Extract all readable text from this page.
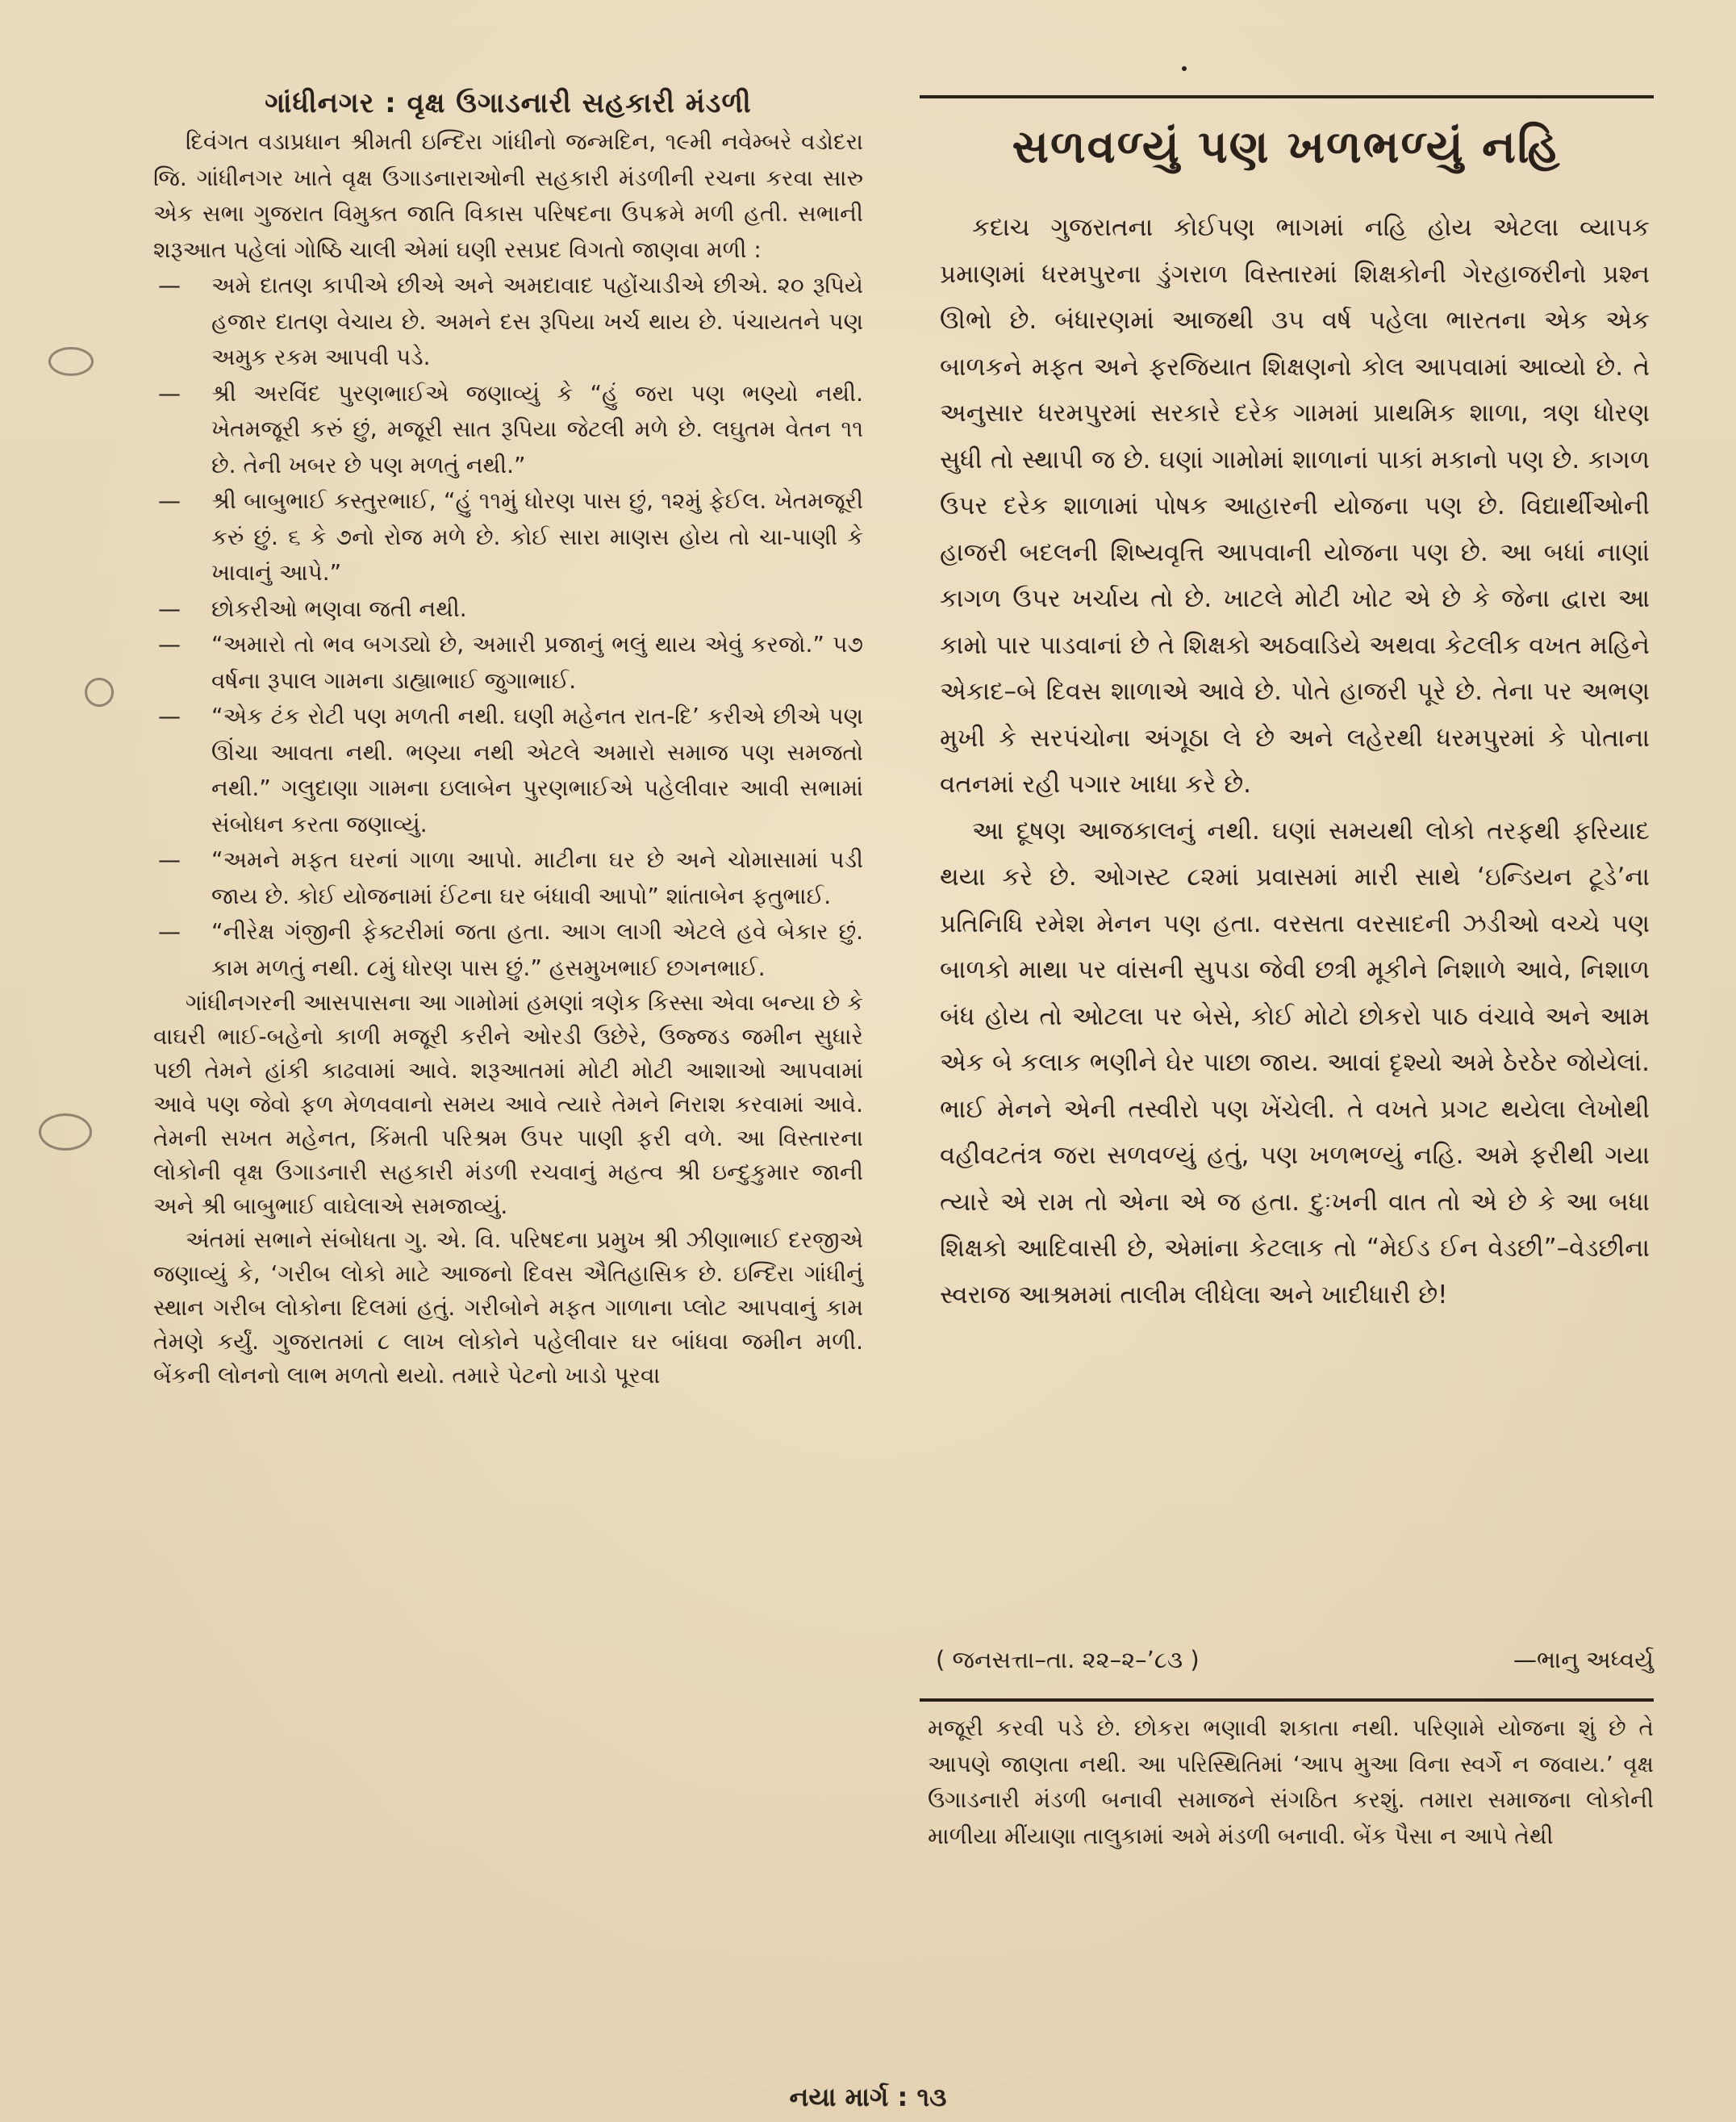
ગાંધીનગર : વૃક્ષ ઉગાડનારી સહકારી મંડળી

દિવંગત વડાપ્રધાન શ્રીમતી ઇન્દિરા ગાંધીનો જન્મદિન, ૧૯મી નવેમ્બરે વડોદરા જિ. ગાંધીનગર ખાતે વૃક્ષ ઉગાડનારાઓની સહકારી મંડળીની રચના કરવા સારુ એક સભા ગુજરાત વિમુક્ત જાતિ વિકાસ પરિષદના ઉપક્રમે મળી હતી. સભાની શરૂઆત પહેલાં ગોષ્ઠિ ચાલી એમાં ઘણી રસપ્રદ વિગતો જાણવા મળી :

—	અમે દાતણ કાપીએ છીએ અને અમદાવાદ પહોંચાડીએ છીએ. ૨૦ રૂપિયે હજાર દાતણ વેચાય છે. અમને દસ રૂપિયા ખર્ચ થાય છે. પંચાયતને પણ અમુક રકમ આપવી પડે.
—	શ્રી અરવિંદ પુરણભાઈએ જણાવ્યું કે “હું જરા પણ ભણ્યો નથી. ખેતમજૂરી કરું છું, મજૂરી સાત રૂપિયા જેટલી મળે છે. લઘુતમ વેતન ૧૧ છે. તેની ખબર છે પણ મળતું નથી.”
—	શ્રી બાબુભાઈ કસ્તુરભાઈ, “હું ૧૧મું ધોરણ પાસ છું, ૧૨મું ફેઈલ. ખેતમજૂરી કરું છું. ૬ કે ૭નો રોજ મળે છે. કોઈ સારા માણસ હોય તો ચા-પાણી કે ખાવાનું આપે.”
—	છોકરીઓ ભણવા જતી નથી.
—	“અમારો તો ભવ બગડ્યો છે, અમારી પ્રજાનું ભલું થાય એવું કરજો.” ૫૭ વર્ષના રૂપાલ ગામના ડાહ્યાભાઈ જુગાભાઈ.
—	“એક ટંક રોટી પણ મળતી નથી. ઘણી મહેનત રાત-દિ’ કરીએ છીએ પણ ઊંચા આવતા નથી. ભણ્યા નથી એટલે અમારો સમાજ પણ સમજતો નથી.” ગલુદાણા ગામના ઇલાબેન પુરણભાઈએ પહેલીવાર આવી સભામાં સંબોધન કરતા જણાવ્યું.
—	“અમને મફત ઘરનાં ગાળા આપો. માટીના ઘર છે અને ચોમાસામાં પડી જાય છે. કોઈ યોજનામાં ઈંટના ઘર બંધાવી આપો” શાંતાબેન ફતુભાઈ.
—	“નીરેક્ષ ગંજીની ફેક્ટરીમાં જતા હતા. આગ લાગી એટલે હવે બેકાર છું. કામ મળતું નથી. ૮મું ધોરણ પાસ છું.” હસમુખભાઈ છગનભાઈ.

ગાંધીનગરની આસપાસના આ ગામોમાં હમણાં ત્રણેક કિસ્સા એવા બન્યા છે કે વાઘરી ભાઈ-બહેનો કાળી મજૂરી કરીને ઓરડી ઉછેરે, ઉજ્જડ જમીન સુધારે પછી તેમને હાંકી કાઢવામાં આવે. શરૂઆતમાં મોટી મોટી આશાઓ આપવામાં આવે પણ જેવો ફળ મેળવવાનો સમય આવે ત્યારે તેમને નિરાશ કરવામાં આવે. તેમની સખત મહેનત, કિંમતી પરિશ્રમ ઉપર પાણી ફરી વળે. આ વિસ્તારના લોકોની વૃક્ષ ઉગાડનારી સહકારી મંડળી રચવાનું મહત્વ શ્રી ઇન્દુકુમાર જાની અને શ્રી બાબુભાઈ વાઘેલાએ સમજાવ્યું.

અંતમાં સભાને સંબોધતા ગુ. એ. વિ. પરિષદના પ્રમુખ શ્રી ઝીણાભાઈ દરજીએ જણાવ્યું કે, ‘ગરીબ લોકો માટે આજનો દિવસ ઐતિહાસિક છે. ઇન્દિરા ગાંધીનું સ્થાન ગરીબ લોકોના દિલમાં હતું. ગરીબોને મફત ગાળાના પ્લોટ આપવાનું કામ તેમણે કર્યું. ગુજરાતમાં ૮ લાખ લોકોને પહેલીવાર ઘર બાંધવા જમીન મળી. બેંકની લોનનો લાભ મળતો થયો. તમારે પેટનો ખાડો પૂરવા

સળવળ્યું પણ ખળભળ્યું નહિ

કદાચ ગુજરાતના કોઈપણ ભાગમાં નહિ હોય એટલા વ્યાપક પ્રમાણમાં ધરમપુરના ડુંગરાળ વિસ્તારમાં શિક્ષકોની ગેરહાજરીનો પ્રશ્ન ઊભો છે. બંધારણમાં આજથી ૩૫ વર્ષ પહેલા ભારતના એક એક બાળકને મફત અને ફરજિયાત શિક્ષણનો કોલ આપવામાં આવ્યો છે. તે અનુસાર ધરમપુરમાં સરકારે દરેક ગામમાં પ્રાથમિક શાળા, ત્રણ ધોરણ સુધી તો સ્થાપી જ છે. ઘણાં ગામોમાં શાળાનાં પાકાં મકાનો પણ છે. કાગળ ઉપર દરેક શાળામાં પોષક આહારની યોજના પણ છે. વિદ્યાર્થીઓની હાજરી બદલની શિષ્યવૃત્તિ આપવાની યોજના પણ છે. આ બધાં નાણાં કાગળ ઉપર ખર્ચાય તો છે. ખાટલે મોટી ખોટ એ છે કે જેના દ્વારા આ કામો પાર પાડવાનાં છે તે શિક્ષકો અઠવાડિયે અથવા કેટલીક વખત મહિને એકાદ–બે દિવસ શાળાએ આવે છે. પોતે હાજરી પૂરે છે. તેના પર અભણ મુખી કે સરપંચોના અંગૂઠા લે છે અને લહેરથી ધરમપુરમાં કે પોતાના વતનમાં રહી પગાર ખાધા કરે છે.

આ દૂષણ આજકાલનું નથી. ઘણાં સમયથી લોકો તરફથી ફરિયાદ થયા કરે છે. ઓગસ્ટ ૮૨માં પ્રવાસમાં મારી સાથે ‘ઇન્ડિયન ટૂડે’ના પ્રતિનિધિ રમેશ મેનન પણ હતા. વરસતા વરસાદની ઝડીઓ વચ્ચે પણ બાળકો માથા પર વાંસની સુપડા જેવી છત્રી મૂકીને નિશાળે આવે, નિશાળ બંધ હોય તો ઓટલા પર બેસે, કોઈ મોટો છોકરો પાઠ વંચાવે અને આમ એક બે કલાક ભણીને ઘેર પાછા જાય. આવાં દૃશ્યો અમે ઠેરઠેર જોયેલાં. ભાઈ મેનને એની તસ્વીરો પણ ખેંચેલી. તે વખતે પ્રગટ થયેલા લેખોથી વહીવટતંત્ર જરા સળવળ્યું હતું, પણ ખળભળ્યું નહિ. અમે ફરીથી ગયા ત્યારે એ રામ તો એના એ જ હતા. દુઃખની વાત તો એ છે કે આ બધા શિક્ષકો આદિવાસી છે, એમાંના કેટલાક તો “મેઈડ ઈન વેડછી”–વેડછીના સ્વરાજ આશ્રમમાં તાલીમ લીધેલા અને ખાદીધારી છે!

( જનસત્તા–તા. ૨૨–૨–’૮૩ )	—ભાનુ અધ્વર્યુ

મજૂરી કરવી પડે છે. છોકરા ભણાવી શકાતા નથી. પરિણામે યોજના શું છે તે આપણે જાણતા નથી. આ પરિસ્થિતિમાં ‘આપ મુઆ વિના સ્વર્ગે ન જવાય.’ વૃક્ષ ઉગાડનારી મંડળી બનાવી સમાજને સંગઠિત કરશું. તમારા સમાજના લોકોની માળીયા મીંયાણા તાલુકામાં અમે મંડળી બનાવી. બેંક પૈસા ન આપે તેથી

નયા માર્ગ : ૧૩
